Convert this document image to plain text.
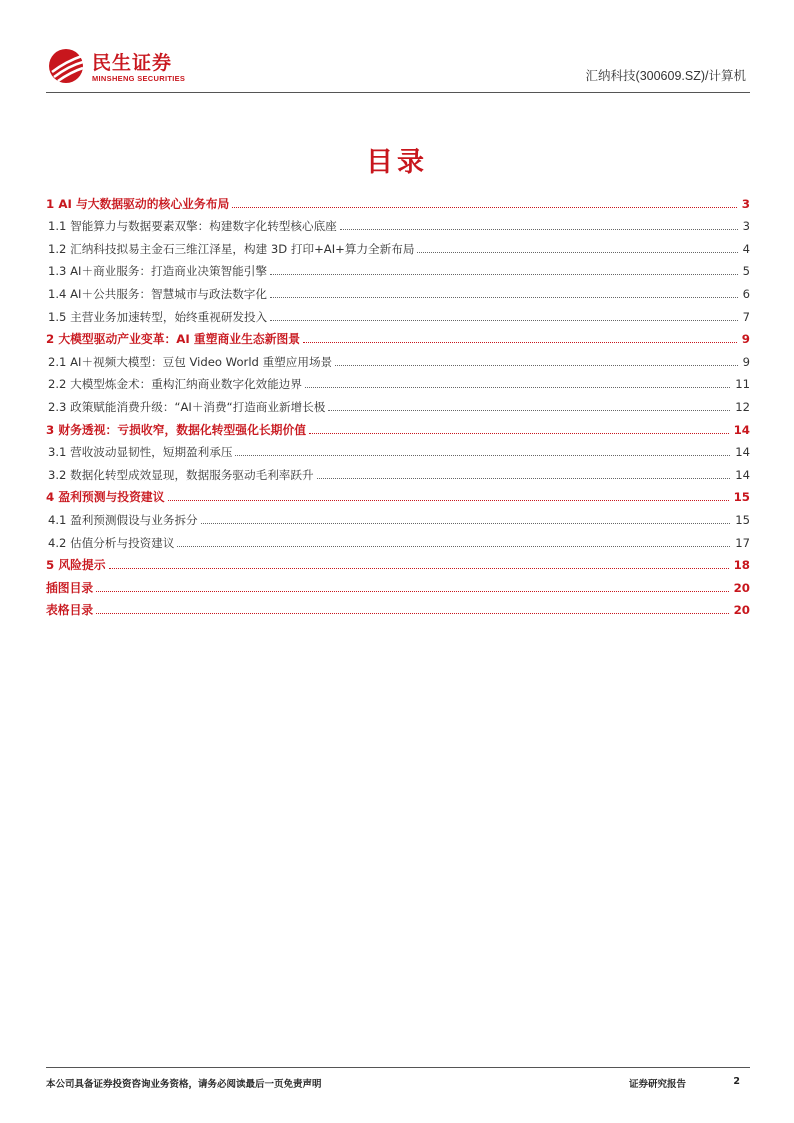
民生证券
MINSHENG SECURITIES	汇纳科技(300609.SZ)/计算机
目录
1 AI 与大数据驱动的核心业务布局	3
1.1 智能算力与数据要素双擎：构建数字化转型核心底座	3
1.2 汇纳科技拟易主金石三维江泽星，构建 3D 打印+AI+算力全新布局	4
1.3 AI＋商业服务：打造商业决策智能引擎	5
1.4 AI＋公共服务：智慧城市与政法数字化	6
1.5 主营业务加速转型，始终重视研发投入	7
2 大模型驱动产业变革：AI 重塑商业生态新图景	9
2.1 AI＋视频大模型：豆包 Video World 重塑应用场景	9
2.2 大模型炼金术：重构汇纳商业数字化效能边界	11
2.3 政策赋能消费升级：“AI＋消费“打造商业新增长极	12
3 财务透视：亏损收窄，数据化转型强化长期价值	14
3.1 营收波动显韧性，短期盈利承压	14
3.2 数据化转型成效显现，数据服务驱动毛利率跃升	14
4 盈利预测与投资建议	15
4.1 盈利预测假设与业务拆分	15
4.2 估值分析与投资建议	17
5 风险提示	18
插图目录	20
表格目录	20
本公司具备证券投资咨询业务资格，请务必阅读最后一页免责声明	证券研究报告	2
